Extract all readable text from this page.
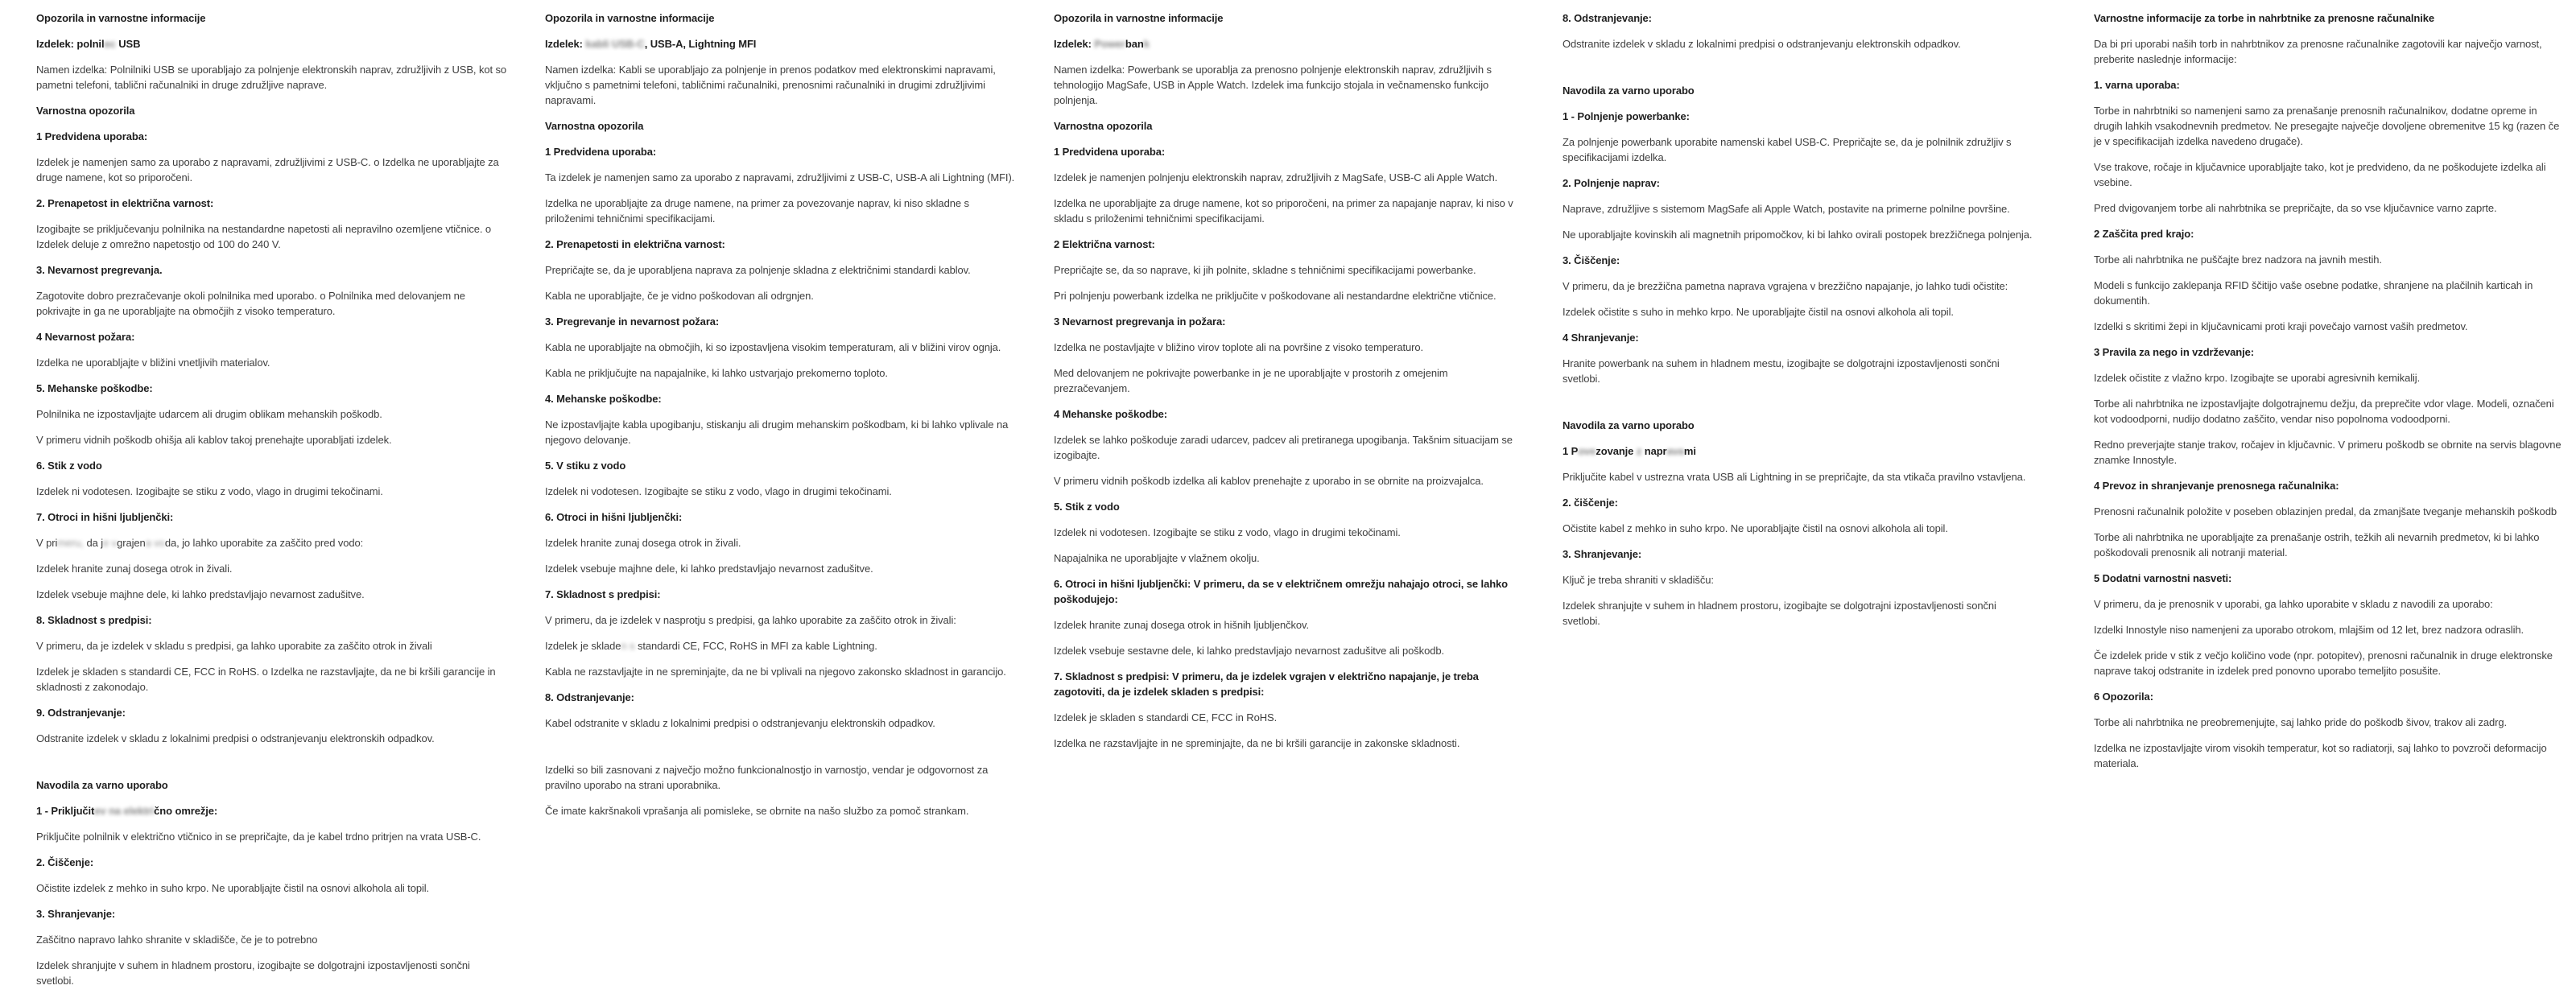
Opozorila in varnostne informacije
Izdelek: polnilec USB

Namen izdelka: Polnilniki USB se uporabljajo za polnjenje elektronskih naprav, združljivih z USB, kot so pametni telefoni, tablični računalniki in druge združljive naprave.

Varnostna opozorila
1 Predvidena uporaba:

Izdelek je namenjen samo za uporabo z napravami, združljivimi z USB-C. o Izdelka ne uporabljajte za druge namene, kot so priporočeni.

2. Prenapetost in električna varnost:

Izogibajte se priključevanju polnilnika na nestandardne napetosti ali nepravilno ozemljene vtičnice. o Izdelek deluje z omrežno napetostjo od 100 do 240 V.

3. Nevarnost pregrevanja.

Zagotovite dobro prezračevanje okoli polnilnika med uporabo. o Polnilnika med delovanjem ne pokrivajte in ga ne uporabljajte na območjih z visoko temperaturo.

4 Nevarnost požara:

Izdelka ne uporabljajte v bližini vnetljivih materialov.

5. Mehanske poškodbe:

Polnilnika ne izpostavljajte udarcem ali drugim oblikam mehanskih poškodb.

V primeru vidnih poškodb ohišja ali kablov takoj prenehajte uporabljati izdelek.

6. Stik z vodo

Izdelek ni vodotesen. Izogibajte se stiku z vodo, vlago in drugimi tekočinami.

7. Otroci in hišni ljubljenčki:

V primeru, da je vgrajena voda, jo lahko uporabite za zaščito pred vodo:

Izdelek hranite zunaj dosega otrok in živali.

Izdelek vsebuje majhne dele, ki lahko predstavljajo nevarnost zadušitve.

8. Skladnost s predpisi:

V primeru, da je izdelek v skladu s predpisi, ga lahko uporabite za zaščito otrok in živali

Izdelek je skladen s standardi CE, FCC in RoHS. o Izdelka ne razstavljajte, da ne bi kršili garancije in skladnosti z zakonodajo.

9. Odstranjevanje:

Odstranite izdelek v skladu z lokalnimi predpisi o odstranjevanju elektronskih odpadkov.

Navodila za varno uporabo
1 - Priključitev na električno omrežje:

Priključite polnilnik v električno vtičnico in se prepričajte, da je kabel trdno pritrjen na vrata USB-C.

2. Čiščenje:

Očistite izdelek z mehko in suho krpo. Ne uporabljajte čistil na osnovi alkohola ali topil.

3. Shranjevanje:

Zaščitno napravo lahko shranite v skladišče, če je to potrebno

Izdelek shranjujte v suhem in hladnem prostoru, izogibajte se dolgotrajni izpostavljenosti sončni svetlobi.

Opozorila in varnostne informacije
Izdelek: kabli USB-C, USB-A, Lightning MFI

Namen izdelka: Kabli se uporabljajo za polnjenje in prenos podatkov med elektronskimi napravami, vključno s pametnimi telefoni, tabličnimi računalniki, prenosnimi računalniki in drugimi združljivimi napravami.

Varnostna opozorila
1 Predvidena uporaba:

Ta izdelek je namenjen samo za uporabo z napravami, združljivimi z USB-C, USB-A ali Lightning (MFI).

Izdelka ne uporabljajte za druge namene, na primer za povezovanje naprav, ki niso skladne s priloženimi tehničnimi specifikacijami.

2. Prenapetosti in električna varnost:

Prepričajte se, da je uporabljena naprava za polnjenje skladna z električnimi standardi kablov.

Kabla ne uporabljajte, če je vidno poškodovan ali odrgnjen.

3. Pregrevanje in nevarnost požara:

Kabla ne uporabljajte na območjih, ki so izpostavljena visokim temperaturam, ali v bližini virov ognja.

Kabla ne priključujte na napajalnike, ki lahko ustvarjajo prekomerno toploto.

4. Mehanske poškodbe:

Ne izpostavljajte kabla upogibanju, stiskanju ali drugim mehanskim poškodbam, ki bi lahko vplivale na njegovo delovanje.

5. V stiku z vodo

Izdelek ni vodotesen. Izogibajte se stiku z vodo, vlago in drugimi tekočinami.

6. Otroci in hišni ljubljenčki:

Izdelek hranite zunaj dosega otrok in živali.

Izdelek vsebuje majhne dele, ki lahko predstavljajo nevarnost zadušitve.

7. Skladnost s predpisi:

V primeru, da je izdelek v nasprotju s predpisi, ga lahko uporabite za zaščito otrok in živali:

Izdelek je skladen s standardi CE, FCC, RoHS in MFI za kable Lightning.

Kabla ne razstavljajte in ne spreminjajte, da ne bi vplivali na njegovo zakonsko skladnost in garancijo.

8. Odstranjevanje:

Kabel odstranite v skladu z lokalnimi predpisi o odstranjevanju elektronskih odpadkov.

Izdelki so bili zasnovani z največjo možno funkcionalnostjo in varnostjo, vendar je odgovornost za pravilno uporabo na strani uporabnika.

Če imate kakršnakoli vprašanja ali pomisleke, se obrnite na našo službo za pomoč strankam.

Opozorila in varnostne informacije
Izdelek: Powerbank

Namen izdelka: Powerbank se uporablja za prenosno polnjenje elektronskih naprav, združljivih s tehnologijo MagSafe, USB in Apple Watch. Izdelek ima funkcijo stojala in večnamensko funkcijo polnjenja.

Varnostna opozorila
1 Predvidena uporaba:

Izdelek je namenjen polnjenju elektronskih naprav, združljivih z MagSafe, USB-C ali Apple Watch.

Izdelka ne uporabljajte za druge namene, kot so priporočeni, na primer za napajanje naprav, ki niso v skladu s priloženimi tehničnimi specifikacijami.

2 Električna varnost:

Prepričajte se, da so naprave, ki jih polnite, skladne s tehničnimi specifikacijami powerbanke.

Pri polnjenju powerbank izdelka ne priključite v poškodovane ali nestandardne električne vtičnice.

3 Nevarnost pregrevanja in požara:

Izdelka ne postavljajte v bližino virov toplote ali na površine z visoko temperaturo.

Med delovanjem ne pokrivajte powerbanke in je ne uporabljajte v prostorih z omejenim prezračevanjem.

4 Mehanske poškodbe:

Izdelek se lahko poškoduje zaradi udarcev, padcev ali pretiranega upogibanja. Takšnim situacijam se izogibajte.

V primeru vidnih poškodb izdelka ali kablov prenehajte z uporabo in se obrnite na proizvajalca.

5. Stik z vodo

Izdelek ni vodotesen. Izogibajte se stiku z vodo, vlago in drugimi tekočinami.

Napajalnika ne uporabljajte v vlažnem okolju.

6. Otroci in hišni ljubljenčki: V primeru, da se v električnem omrežju nahajajo otroci, se lahko poškodujejo:

Izdelek hranite zunaj dosega otrok in hišnih ljubljenčkov.

Izdelek vsebuje sestavne dele, ki lahko predstavljajo nevarnost zadušitve ali poškodb.

7. Skladnost s predpisi: V primeru, da je izdelek vgrajen v električno napajanje, je treba zagotoviti, da je izdelek skladen s predpisi:

Izdelek je skladen s standardi CE, FCC in RoHS.

Izdelka ne razstavljajte in ne spreminjajte, da ne bi kršili garancije in zakonske skladnosti.

8. Odstranjevanje:

Odstranite izdelek v skladu z lokalnimi predpisi o odstranjevanju elektronskih odpadkov.

Navodila za varno uporabo
1 - Polnjenje powerbanke:

Za polnjenje powerbank uporabite namenski kabel USB-C. Prepričajte se, da je polnilnik združljiv s specifikacijami izdelka.

2. Polnjenje naprav:

Naprave, združljive s sistemom MagSafe ali Apple Watch, postavite na primerne polnilne površine.

Ne uporabljajte kovinskih ali magnetnih pripomočkov, ki bi lahko ovirali postopek brezžičnega polnjenja.

3. Čiščenje:

V primeru, da je brezžična pametna naprava vgrajena v brezžično napajanje, jo lahko tudi očistite:

Izdelek očistite s suho in mehko krpo. Ne uporabljajte čistil na osnovi alkohola ali topil.

4 Shranjevanje:

Hranite powerbank na suhem in hladnem mestu, izogibajte se dolgotrajni izpostavljenosti sončni svetlobi.

Navodila za varno uporabo
1 Povezovanje z napravami

Priključite kabel v ustrezna vrata USB ali Lightning in se prepričajte, da sta vtikača pravilno vstavljena.

2. čiščenje:

Očistite kabel z mehko in suho krpo. Ne uporabljajte čistil na osnovi alkohola ali topil.

3. Shranjevanje:

Ključ je treba shraniti v skladišču:

Izdelek shranjujte v suhem in hladnem prostoru, izogibajte se dolgotrajni izpostavljenosti sončni svetlobi.

Varnostne informacije za torbe in nahrbtnike za prenosne računalnike

Da bi pri uporabi naših torb in nahrbtnikov za prenosne računalnike zagotovili kar največjo varnost, preberite naslednje informacije:

1. varna uporaba:

Torbe in nahrbtniki so namenjeni samo za prenašanje prenosnih računalnikov, dodatne opreme in drugih lahkih vsakodnevnih predmetov. Ne presegajte največje dovoljene obremenitve 15 kg (razen če je v specifikacijah izdelka navedeno drugače).

Vse trakove, ročaje in ključavnice uporabljajte tako, kot je predvideno, da ne poškodujete izdelka ali vsebine.

Pred dvigovanjem torbe ali nahrbtnika se prepričajte, da so vse ključavnice varno zaprte.

2 Zaščita pred krajo:

Torbe ali nahrbtnika ne puščajte brez nadzora na javnih mestih.

Modeli s funkcijo zaklepanja RFID ščitijo vaše osebne podatke, shranjene na plačilnih karticah in dokumentih.

Izdelki s skritimi žepi in ključavnicami proti kraji povečajo varnost vaših predmetov.

3 Pravila za nego in vzdrževanje:

Izdelek očistite z vlažno krpo. Izogibajte se uporabi agresivnih kemikalij.

Torbe ali nahrbtnika ne izpostavljajte dolgotrajnemu dežju, da preprečite vdor vlage. Modeli, označeni kot vodoodporni, nudijo dodatno zaščito, vendar niso popolnoma vodoodporni.

Redno preverjajte stanje trakov, ročajev in ključavnic. V primeru poškodb se obrnite na servis blagovne znamke Innostyle.

4 Prevoz in shranjevanje prenosnega računalnika:

Prenosni računalnik položite v poseben oblazinjen predal, da zmanjšate tveganje mehanskih poškodb

Torbe ali nahrbtnika ne uporabljajte za prenašanje ostrih, težkih ali nevarnih predmetov, ki bi lahko poškodovali prenosnik ali notranji material.

5 Dodatni varnostni nasveti:

V primeru, da je prenosnik v uporabi, ga lahko uporabite v skladu z navodili za uporabo:

Izdelki Innostyle niso namenjeni za uporabo otrokom, mlajšim od 12 let, brez nadzora odraslih.

Če izdelek pride v stik z večjo količino vode (npr. potopitev), prenosni računalnik in druge elektronske naprave takoj odstranite in izdelek pred ponovno uporabo temeljito posušite.

6 Opozorila:

Torbe ali nahrbtnika ne preobremenjujte, saj lahko pride do poškodb šivov, trakov ali zadrg.

Izdelka ne izpostavljajte virom visokih temperatur, kot so radiatorji, saj lahko to povzroči deformacijo materiala.
